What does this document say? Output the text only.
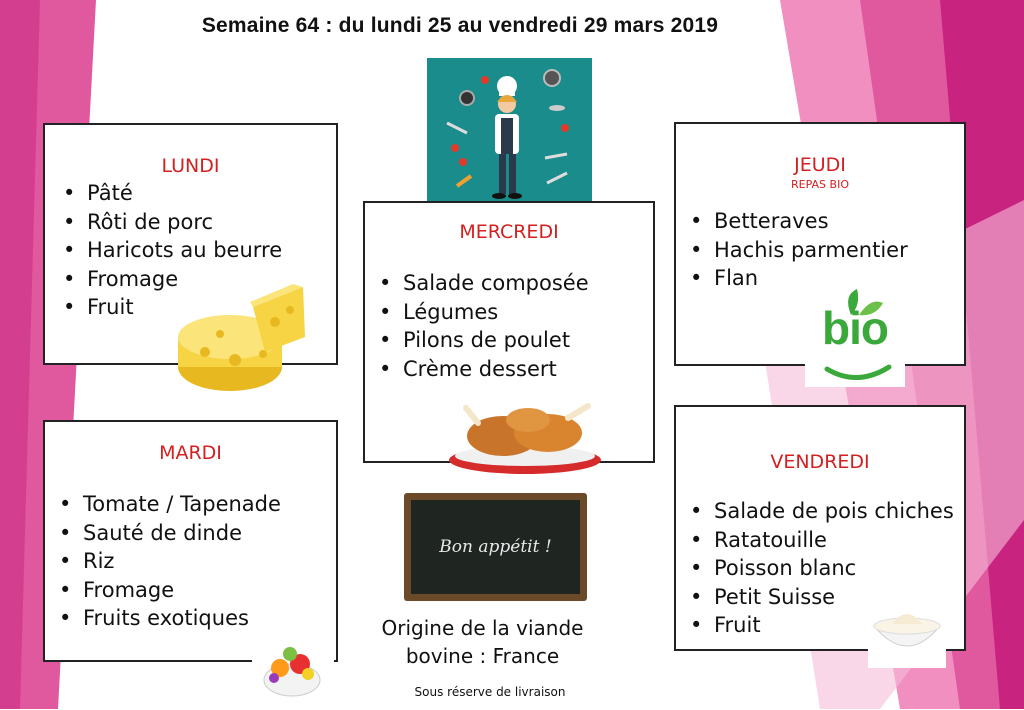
Semaine 64 : du lundi 25 au vendredi 29 mars 2019
LUNDI
• Pâté
• Rôti de porc
• Haricots au beurre
• Fromage
• Fruit
MARDI
• Tomate / Tapenade
• Sauté de dinde
• Riz
• Fromage
• Fruits exotiques
MERCREDI
• Salade composée
• Légumes
• Pilons de poulet
• Crème dessert
Bon appétit !
Origine de la viande
bovine : France
Sous réserve de livraison
JEUDI
REPAS BIO
• Betteraves
• Hachis parmentier
• Flan
bio
VENDREDI
• Salade de pois chiches
• Ratatouille
• Poisson blanc
• Petit Suisse
• Fruit
